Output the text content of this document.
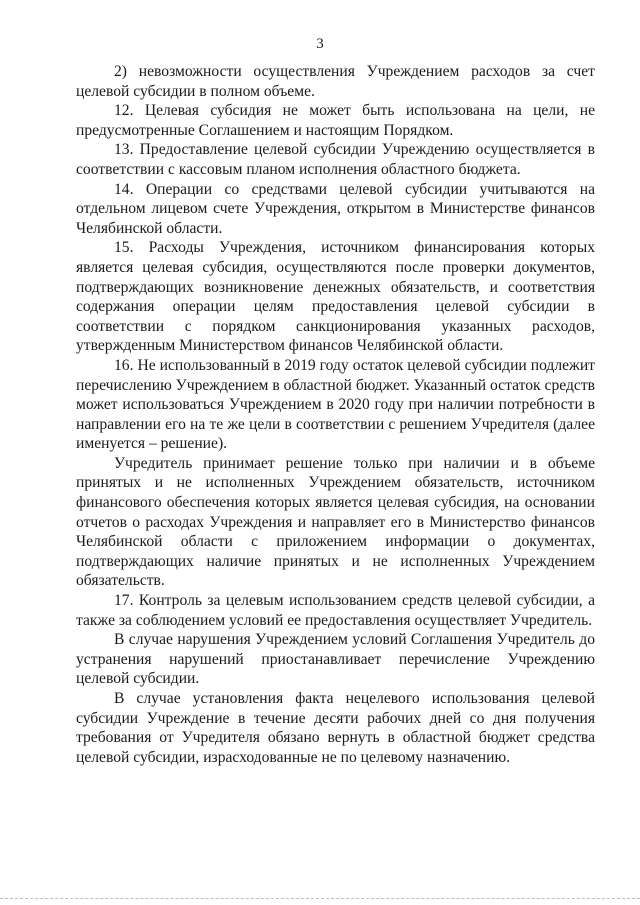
3

2) невозможности осуществления Учреждением расходов за счет целевой субсидии в полном объеме.

12. Целевая субсидия не может быть использована на цели, не предусмотренные Соглашением и настоящим Порядком.

13. Предоставление целевой субсидии Учреждению осуществляется в соответствии с кассовым планом исполнения областного бюджета.

14. Операции со средствами целевой субсидии учитываются на отдельном лицевом счете Учреждения, открытом в Министерстве финансов Челябинской области.

15. Расходы Учреждения, источником финансирования которых является целевая субсидия, осуществляются после проверки документов, подтверждающих возникновение денежных обязательств, и соответствия содержания операции целям предоставления целевой субсидии в соответствии с порядком санкционирования указанных расходов, утвержденным Министерством финансов Челябинской области.

16. Не использованный в 2019 году остаток целевой субсидии подлежит перечислению Учреждением в областной бюджет. Указанный остаток средств может использоваться Учреждением в 2020 году при наличии потребности в направлении его на те же цели в соответствии с решением Учредителя (далее именуется – решение).

Учредитель принимает решение только при наличии и в объеме принятых и не исполненных Учреждением обязательств, источником финансового обеспечения которых является целевая субсидия, на основании отчетов о расходах Учреждения и направляет его в Министерство финансов Челябинской области с приложением информации о документах, подтверждающих наличие принятых и не исполненных Учреждением обязательств.

17. Контроль за целевым использованием средств целевой субсидии, а также за соблюдением условий ее предоставления осуществляет Учредитель.

В случае нарушения Учреждением условий Соглашения Учредитель до устранения нарушений приостанавливает перечисление Учреждению целевой субсидии.

В случае установления факта нецелевого использования целевой субсидии Учреждение в течение десяти рабочих дней со дня получения требования от Учредителя обязано вернуть в областной бюджет средства целевой субсидии, израсходованные не по целевому назначению.
